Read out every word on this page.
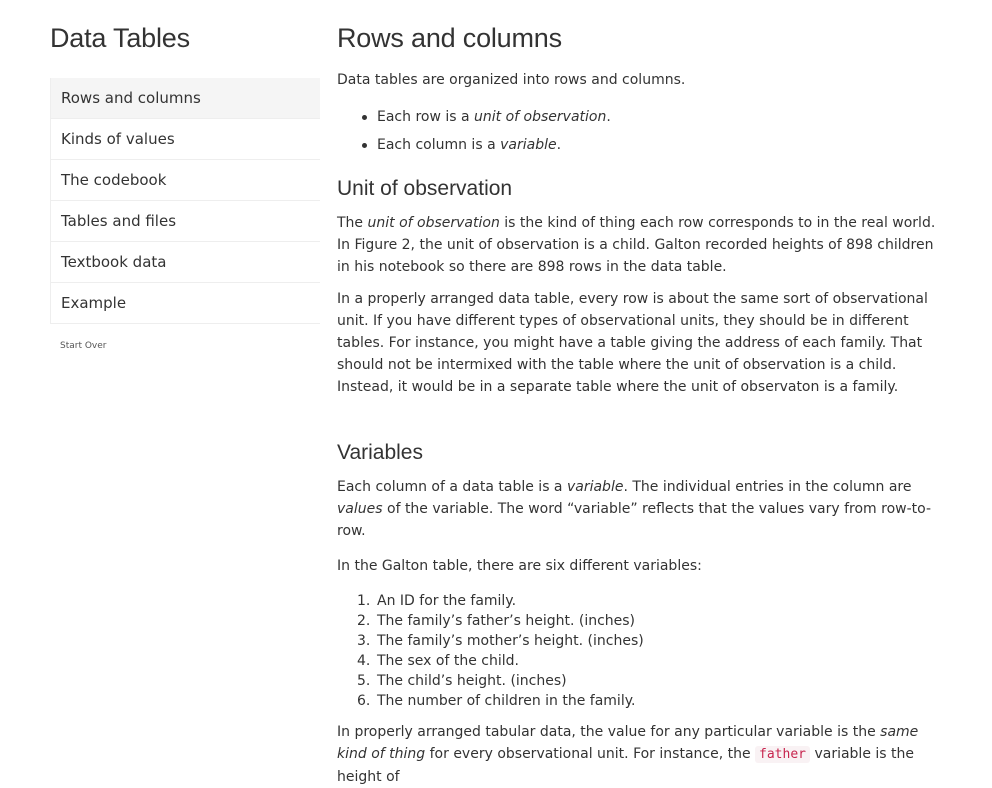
Data Tables
Rows and columns
Kinds of values
The codebook
Tables and files
Textbook data
Example
Start Over
Rows and columns

Data tables are organized into rows and columns.

Each row is a unit of observation.
Each column is a variable.
Unit of observation

The unit of observation is the kind of thing each row corresponds to in the real world. In Figure 2, the unit of observation is a child. Galton recorded heights of 898 children in his notebook so there are 898 rows in the data table.

In a properly arranged data table, every row is about the same sort of observational unit. If you have different types of observational units, they should be in different tables. For instance, you might have a table giving the address of each family. That should not be intermixed with the table where the unit of observation is a child. Instead, it would be in a separate table where the unit of observaton is a family.

Variables

Each column of a data table is a variable. The individual entries in the column are values of the variable. The word “variable” reflects that the values vary from row-to-row.

In the Galton table, there are six different variables:

1. An ID for the family.
2. The family’s father’s height. (inches)
3. The family’s mother’s height. (inches)
4. The sex of the child.
5. The child’s height. (inches)
6. The number of children in the family.

In properly arranged tabular data, the value for any particular variable is the same kind of thing for every observational unit. For instance, the father variable is the height of
